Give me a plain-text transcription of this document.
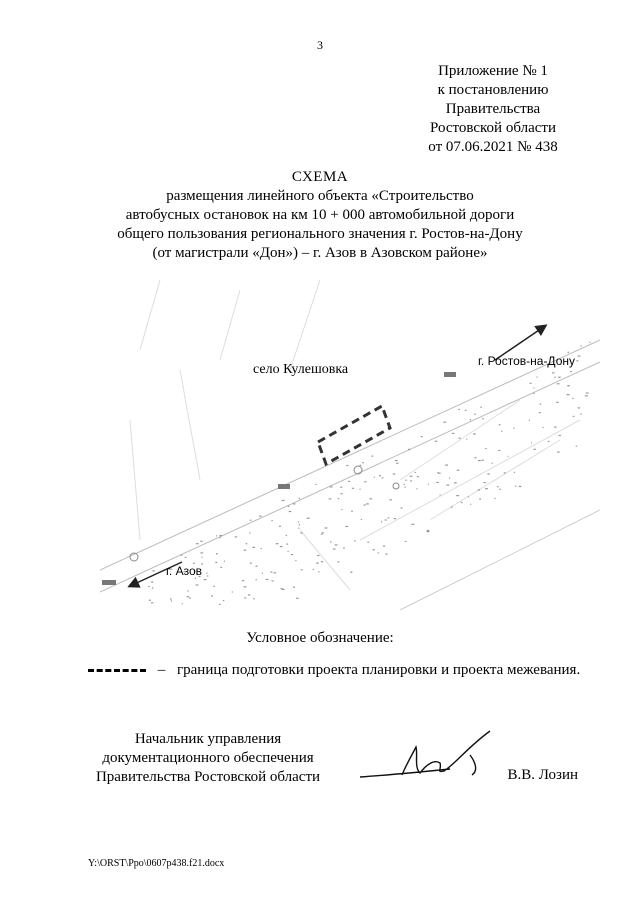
3
Приложение № 1
к постановлению
Правительства
Ростовской области
от 07.06.2021 № 438
СХЕМА
размещения линейного объекта «Строительство
автобусных остановок на км 10 + 000 автомобильной дороги
общего пользования регионального значения г. Ростов-на-Дону
(от магистрали «Дон») – г. Азов в Азовском районе»
село Кулешовка
г. Ростов-на-Дону
г. Азов
Условное обозначение:
– граница подготовки проекта планировки и проекта межевания.
Начальник управления
документационного обеспечения
Правительства Ростовской области	В.В. Лозин
Y:\ORST\Ppo\0607p438.f21.docx
